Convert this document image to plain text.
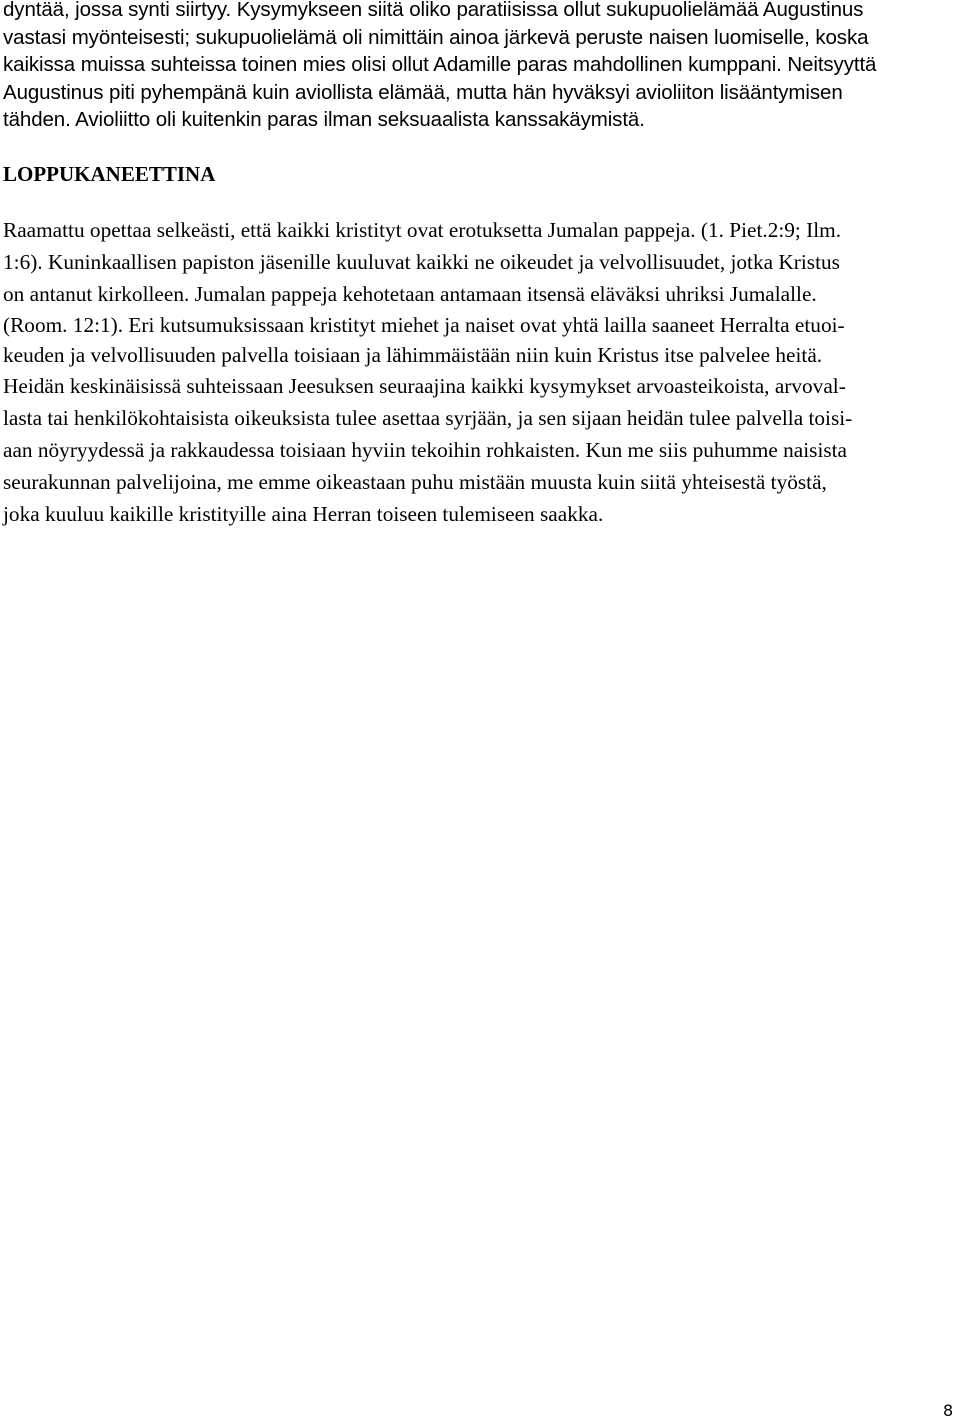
dyntää, jossa synti siirtyy. Kysymykseen siitä oliko paratiisissa ollut sukupuolielämää Augustinus

vastasi myönteisesti; sukupuolielämä oli nimittäin ainoa järkevä peruste naisen luomiselle, koska

kaikissa muissa suhteissa toinen mies olisi ollut Adamille paras mahdollinen kumppani. Neitsyyttä

Augustinus piti pyhempänä kuin aviollista elämää, mutta hän hyväksyi avioliiton lisääntymisen

tähden. Avioliitto oli kuitenkin paras ilman seksuaalista kanssakäymistä.

LOPPUKANEETTINA

Raamattu opettaa selkeästi, että kaikki kristityt ovat erotuksetta Jumalan pappeja. (1. Piet.2:9; Ilm.

1:6). Kuninkaallisen papiston jäsenille kuuluvat kaikki ne oikeudet ja velvollisuudet, jotka Kristus

on antanut kirkolleen. Jumalan pappeja kehotetaan antamaan itsensä eläväksi uhriksi Jumalalle.

(Room. 12:1). Eri kutsumuksissaan kristityt miehet ja naiset ovat yhtä lailla saaneet Herralta etuoi-

keuden ja velvollisuuden palvella toisiaan ja lähimmäistään niin kuin Kristus itse palvelee heitä.

Heidän keskinäisissä suhteissaan Jeesuksen seuraajina kaikki kysymykset arvoasteikoista, arvoval-

lasta tai henkilökohtaisista oikeuksista tulee asettaa syrjään, ja sen sijaan heidän tulee palvella toisi-

aan nöyryydessä ja rakkaudessa toisiaan hyviin tekoihin rohkaisten. Kun me siis puhumme naisista

seurakunnan palvelijoina, me emme oikeastaan puhu mistään muusta kuin siitä yhteisestä työstä,

joka kuuluu kaikille kristityille aina Herran toiseen tulemiseen saakka.

8
